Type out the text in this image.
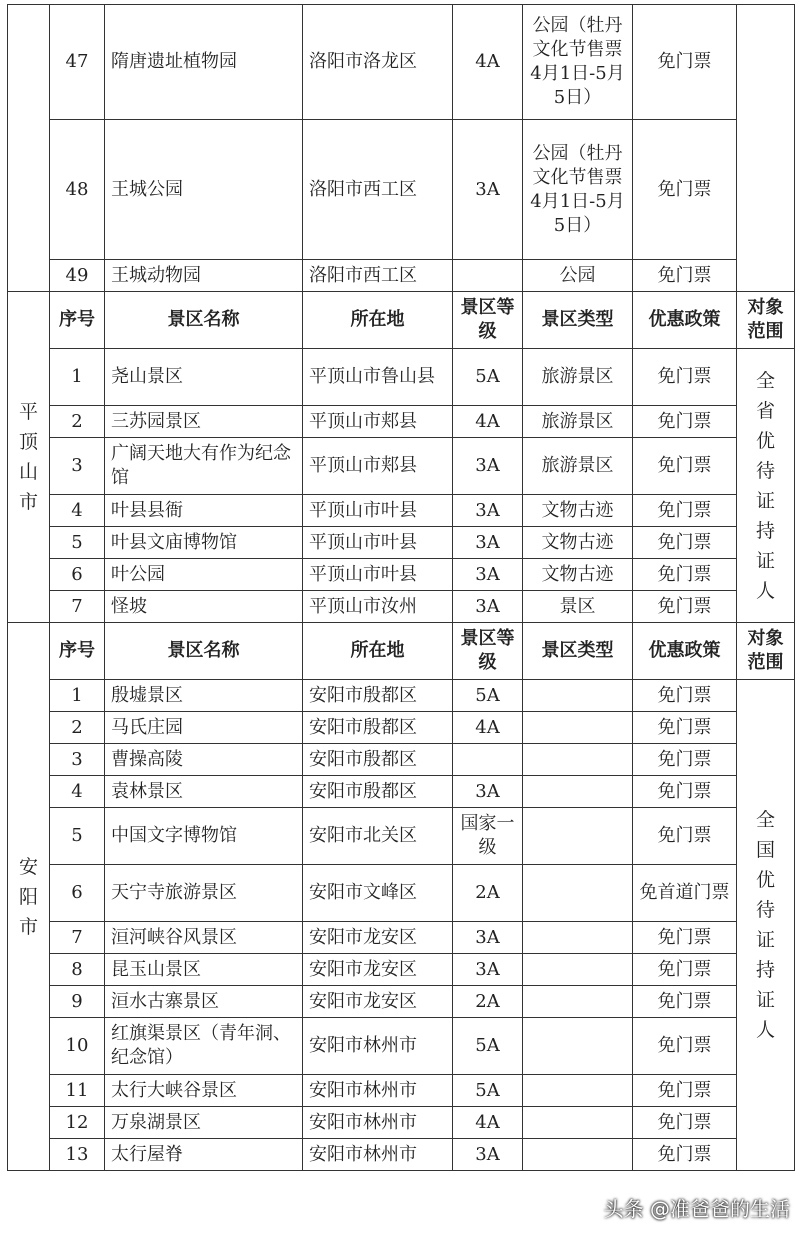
	47	隋唐遗址植物园	洛阳市洛龙区	4A	公园（牡丹文化节售票4月1日-5月5日）	免门票	
	48	王城公园	洛阳市西工区	3A	公园（牡丹文化节售票4月1日-5月5日）	免门票	
	49	王城动物园	洛阳市西工区		公园	免门票	
平顶山市	序号	景区名称	所在地	景区等级	景区类型	优惠政策	对象范围
	1	尧山景区	平顶山市鲁山县	5A	旅游景区	免门票	全省优待证持证人
	2	三苏园景区	平顶山市郏县	4A	旅游景区	免门票	
	3	广阔天地大有作为纪念馆	平顶山市郏县	3A	旅游景区	免门票	
	4	叶县县衙	平顶山市叶县	3A	文物古迹	免门票	
	5	叶县文庙博物馆	平顶山市叶县	3A	文物古迹	免门票	
	6	叶公园	平顶山市叶县	3A	文物古迹	免门票	
	7	怪坡	平顶山市汝州	3A	景区	免门票	
安阳市	序号	景区名称	所在地	景区等级	景区类型	优惠政策	对象范围
	1	殷墟景区	安阳市殷都区	5A		免门票	全国优待证持证人
	2	马氏庄园	安阳市殷都区	4A		免门票	
	3	曹操高陵	安阳市殷都区			免门票	
	4	袁林景区	安阳市殷都区	3A		免门票	
	5	中国文字博物馆	安阳市北关区	国家一级		免门票	
	6	天宁寺旅游景区	安阳市文峰区	2A		免首道门票	
	7	洹河峡谷风景区	安阳市龙安区	3A		免门票	
	8	昆玉山景区	安阳市龙安区	3A		免门票	
	9	洹水古寨景区	安阳市龙安区	2A		免门票	
	10	红旗渠景区（青年洞、纪念馆）	安阳市林州市	5A		免门票	
	11	太行大峡谷景区	安阳市林州市	5A		免门票	
	12	万泉湖景区	安阳市林州市	4A		免门票	
	13	太行屋脊	安阳市林州市	3A		免门票	
头条 @准爸爸的生活
